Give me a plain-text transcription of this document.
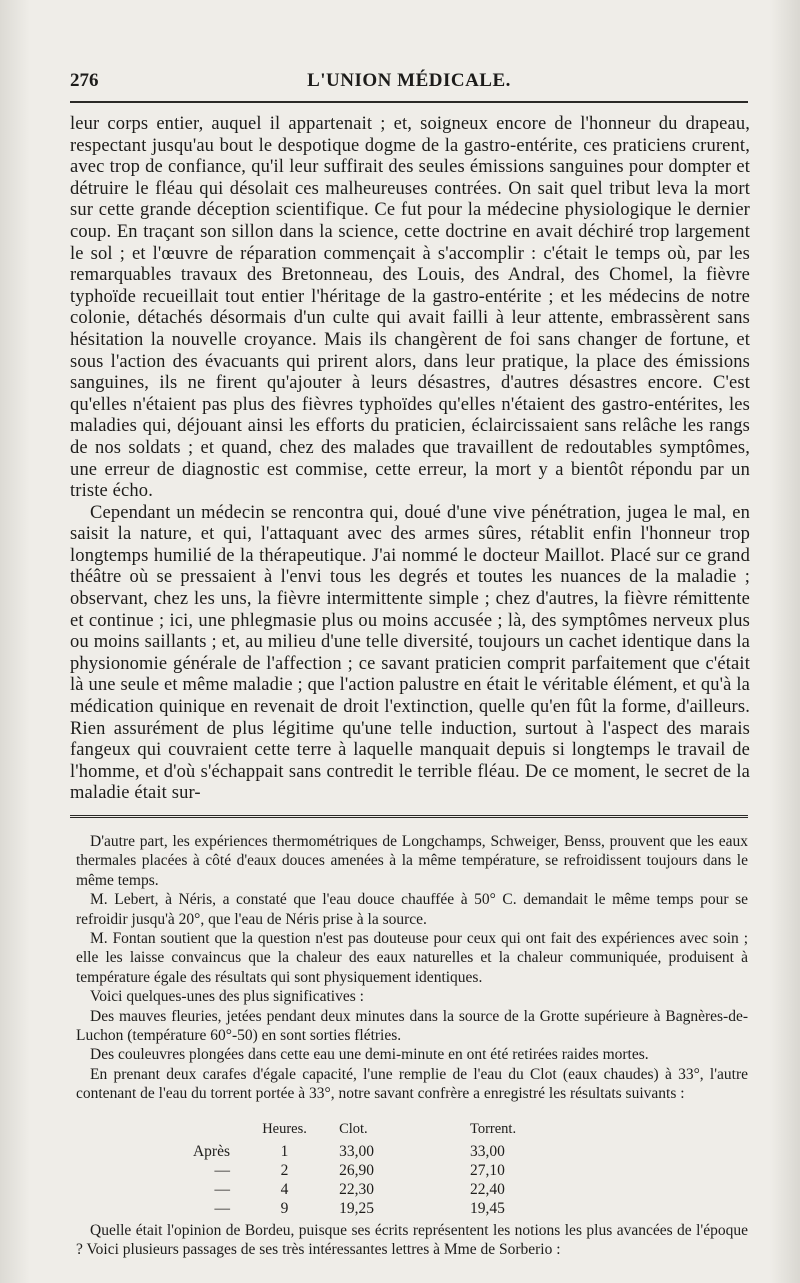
276	L'UNION MÉDICALE.

leur corps entier, auquel il appartenait ; et, soigneux encore de l'honneur du drapeau, respectant jusqu'au bout le despotique dogme de la gastro-entérite, ces praticiens crurent, avec trop de confiance, qu'il leur suffirait des seules émissions sanguines pour dompter et détruire le fléau qui désolait ces malheureuses contrées. On sait quel tribut leva la mort sur cette grande déception scientifique. Ce fut pour la médecine physiologique le dernier coup. En traçant son sillon dans la science, cette doctrine en avait déchiré trop largement le sol ; et l'œuvre de réparation commençait à s'accomplir : c'était le temps où, par les remarquables travaux des Bretonneau, des Louis, des Andral, des Chomel, la fièvre typhoïde recueillait tout entier l'héritage de la gastro-entérite ; et les médecins de notre colonie, détachés désormais d'un culte qui avait failli à leur attente, embrassèrent sans hésitation la nouvelle croyance. Mais ils changèrent de foi sans changer de fortune, et sous l'action des évacuants qui prirent alors, dans leur pratique, la place des émissions sanguines, ils ne firent qu'ajouter à leurs désastres, d'autres désastres encore. C'est qu'elles n'étaient pas plus des fièvres typhoïdes qu'elles n'étaient des gastro-entérites, les maladies qui, déjouant ainsi les efforts du praticien, éclaircissaient sans relâche les rangs de nos soldats ; et quand, chez des malades que travaillent de redoutables symptômes, une erreur de diagnostic est commise, cette erreur, la mort y a bientôt répondu par un triste écho.

Cependant un médecin se rencontra qui, doué d'une vive pénétration, jugea le mal, en saisit la nature, et qui, l'attaquant avec des armes sûres, rétablit enfin l'honneur trop longtemps humilié de la thérapeutique. J'ai nommé le docteur Maillot. Placé sur ce grand théâtre où se pressaient à l'envi tous les degrés et toutes les nuances de la maladie ; observant, chez les uns, la fièvre intermittente simple ; chez d'autres, la fièvre rémittente et continue ; ici, une phlegmasie plus ou moins accusée ; là, des symptômes nerveux plus ou moins saillants ; et, au milieu d'une telle diversité, toujours un cachet identique dans la physionomie générale de l'affection ; ce savant praticien comprit parfaitement que c'était là une seule et même maladie ; que l'action palustre en était le véritable élément, et qu'à la médication quinique en revenait de droit l'extinction, quelle qu'en fût la forme, d'ailleurs. Rien assurément de plus légitime qu'une telle induction, surtout à l'aspect des marais fangeux qui couvraient cette terre à laquelle manquait depuis si longtemps le travail de l'homme, et d'où s'échappait sans contredit le terrible fléau. De ce moment, le secret de la maladie était sur-

D'autre part, les expériences thermométriques de Longchamps, Schweiger, Benss, prouvent que les eaux thermales placées à côté d'eaux douces amenées à la même température, se refroidissent toujours dans le même temps.

M. Lebert, à Néris, a constaté que l'eau douce chauffée à 50° C. demandait le même temps pour se refroidir jusqu'à 20°, que l'eau de Néris prise à la source.

M. Fontan soutient que la question n'est pas douteuse pour ceux qui ont fait des expériences avec soin ; elle les laisse convaincus que la chaleur des eaux naturelles et la chaleur communiquée, produisent à température égale des résultats qui sont physiquement identiques.

Voici quelques-unes des plus significatives :

Des mauves fleuries, jetées pendant deux minutes dans la source de la Grotte supérieure à Bagnères-de-Luchon (température 60°-50) en sont sorties flétries.

Des couleuvres plongées dans cette eau une demi-minute en ont été retirées raides mortes.

En prenant deux carafes d'égale capacité, l'une remplie de l'eau du Clot (eaux chaudes) à 33°, l'autre contenant de l'eau du torrent portée à 33°, notre savant confrère a enregistré les résultats suivants :

	Heures.	Clot.	Torrent.
Après	1	33,00	33,00
—	2	26,90	27,10
—	4	22,30	22,40
—	9	19,25	19,45

Quelle était l'opinion de Bordeu, puisque ses écrits représentent les notions les plus avancées de l'époque ? Voici plusieurs passages de ses très intéressantes lettres à Mme de Sorberio :
